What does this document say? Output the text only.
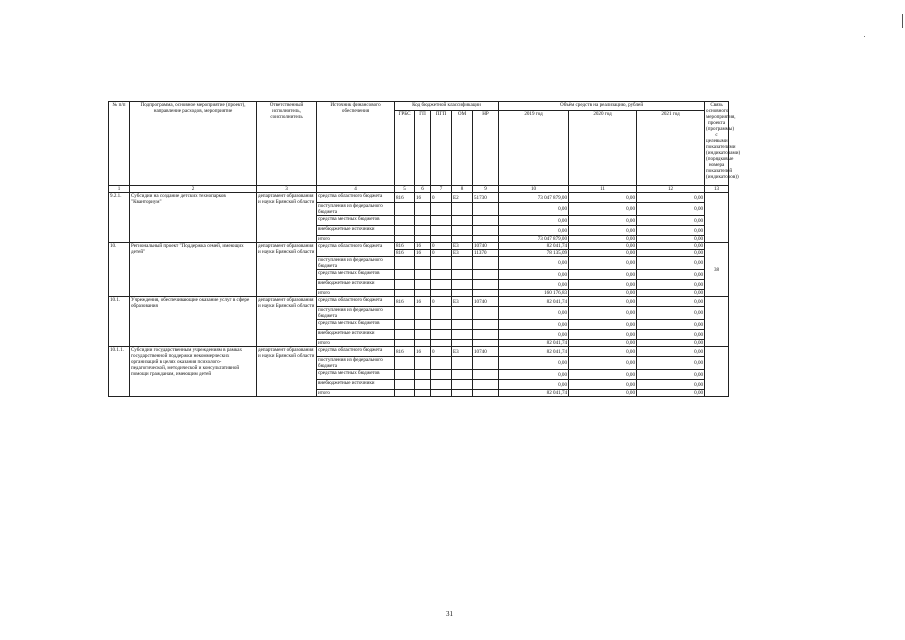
№ п/п	Подпрограмма, основное мероприятие (проект), направление расходов, мероприятие	Ответственный исполнитель, соисполнитель	Источник финансового обеспечения	Код бюджетной классификации					Объём средств на реализацию, рублей			Связь основного мероприятия, проекта (программы) с целевыми показателями (индикаторами) (порядковые номера показателей (индикаторов))
				ГРБС	ГП	ПГП	ОМ	НР	2019 год	2020 год	2021 год	
1	2	3	4	5	6	7	8	9	10	11	12	13
9.2.1.	Субсидии на создание детских технопарков "Кванториум"	департамент образования и науки Брянской области	средства областного бюджета	816	16	0	E2	51730	73 047 879,00	0,00	0,00	
			поступления из федерального бюджета						0,00	0,00	0,00	
			средства местных бюджетов						0,00	0,00	0,00	
			внебюджетные источники						0,00	0,00	0,00	
			итого						73 047 879,00	0,00	0,00	
10.	Региональный проект "Поддержка семей, имеющих детей"	департамент образования и науки Брянской области	средства областного бюджета	816	16	0	E3	10740	82 041,74	0,00	0,00	38
				816	16	0	E3	11370	78 135,09	0,00	0,00	
			поступления из федерального бюджета						0,00	0,00	0,00	
			средства местных бюджетов						0,00	0,00	0,00	
			внебюджетные источники						0,00	0,00	0,00	
			итого						160 176,83	0,00	0,00	
10.1.	Учреждения, обеспечивающие оказание услуг в сфере образования	департамент образования и науки Брянской области	средства областного бюджета	816	16	0	E3	10740	82 041,74	0,00	0,00	
			поступления из федерального бюджета						0,00	0,00	0,00	
			средства местных бюджетов						0,00	0,00	0,00	
			внебюджетные источники						0,00	0,00	0,00	
			итого						82 041,74	0,00	0,00	
10.1.1.	Субсидии государственным учреждениям в рамках государственной поддержки некоммерческих организаций в целях оказания психолого-педагогической, методической и консультативной помощи гражданам, имеющим детей	департамент образования и науки Брянской области	средства областного бюджета	816	16	0	E3	10740	82 041,74	0,00	0,00	
			поступления из федерального бюджета						0,00	0,00	0,00	
			средства местных бюджетов						0,00	0,00	0,00	
			внебюджетные источники						0,00	0,00	0,00	
			итого						82 041,74	0,00	0,00	
31
